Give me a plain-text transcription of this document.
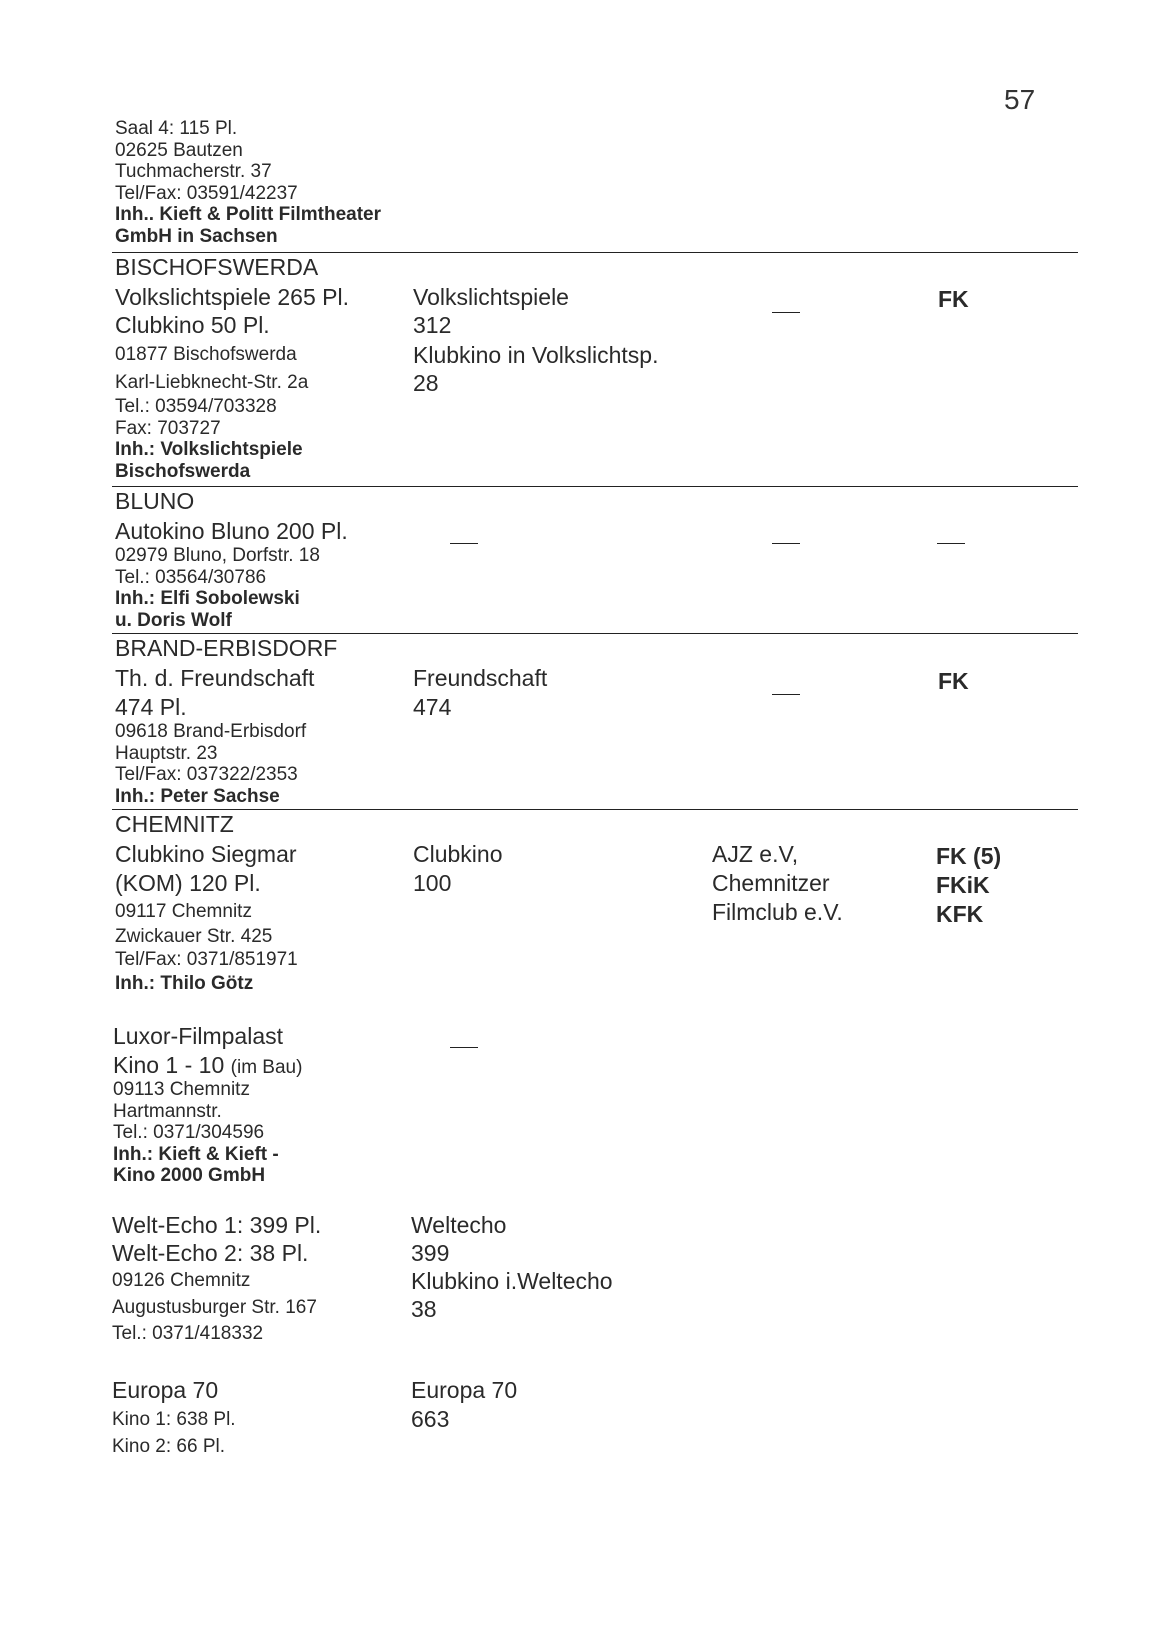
57
Saal 4: 115 Pl.
02625 Bautzen
Tuchmacherstr. 37
Tel/Fax: 03591/42237
Inh.. Kieft & Politt Filmtheater
GmbH in Sachsen
BISCHOFSWERDA
Volkslichtspiele 265 Pl.
Clubkino 50 Pl.
01877 Bischofswerda
Karl-Liebknecht-Str. 2a
Tel.: 03594/703328
Fax: 703727
Inh.: Volkslichtspiele
Bischofswerda
Volkslichtspiele
312
Klubkino in Volkslichtsp.
28
FK
BLUNO
Autokino Bluno 200 Pl.
02979 Bluno, Dorfstr. 18
Tel.: 03564/30786
Inh.: Elfi Sobolewski
u. Doris Wolf
BRAND-ERBISDORF
Th. d. Freundschaft
474 Pl.
09618 Brand-Erbisdorf
Hauptstr. 23
Tel/Fax: 037322/2353
Inh.: Peter Sachse
Freundschaft
474
FK
CHEMNITZ
Clubkino Siegmar
(KOM) 120 Pl.
09117 Chemnitz
Zwickauer Str. 425
Tel/Fax: 0371/851971
Inh.: Thilo Götz
Clubkino
100
AJZ e.V,
Chemnitzer
Filmclub e.V.
FK (5)
FKiK
KFK
Luxor-Filmpalast
Kino 1 - 10 (im Bau)
09113 Chemnitz
Hartmannstr.
Tel.: 0371/304596
Inh.: Kieft & Kieft -
Kino 2000 GmbH
Welt-Echo 1: 399 Pl.
Welt-Echo 2: 38 Pl.
09126 Chemnitz
Augustusburger Str. 167
Tel.: 0371/418332
Weltecho
399
Klubkino i.Weltecho
38
Europa 70
Kino 1: 638 Pl.
Kino 2: 66 Pl.
Europa 70
663
